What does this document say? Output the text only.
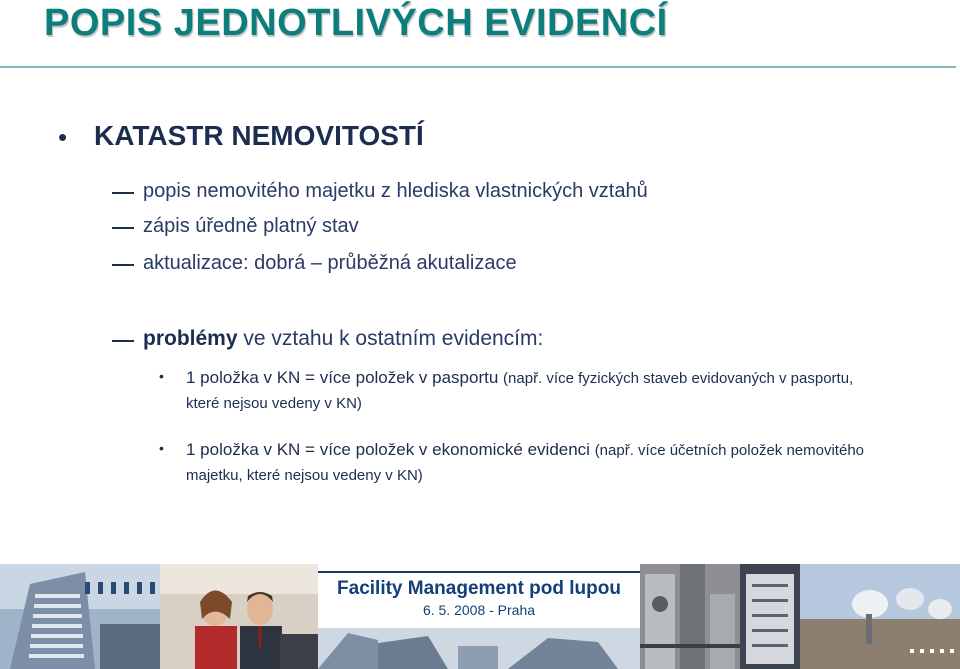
POPIS JEDNOTLIVÝCH EVIDENCÍ
• KATASTR NEMOVITOSTÍ
popis nemovitého majetku z hlediska vlastnických vztahů
zápis úředně platný stav
aktualizace: dobrá – průběžná akutalizace
problémy ve vztahu k ostatním evidencím:
• 1 položka v KN = více položek v pasportu (např. více fyzických staveb evidovaných v pasportu, které nejsou vedeny v KN)
• 1 položka v KN = více položek v ekonomické evidenci (např. více účetních položek nemovitého majetku, které nejsou vedeny v KN)
Facility Management pod lupou
6. 5. 2008 - Praha
